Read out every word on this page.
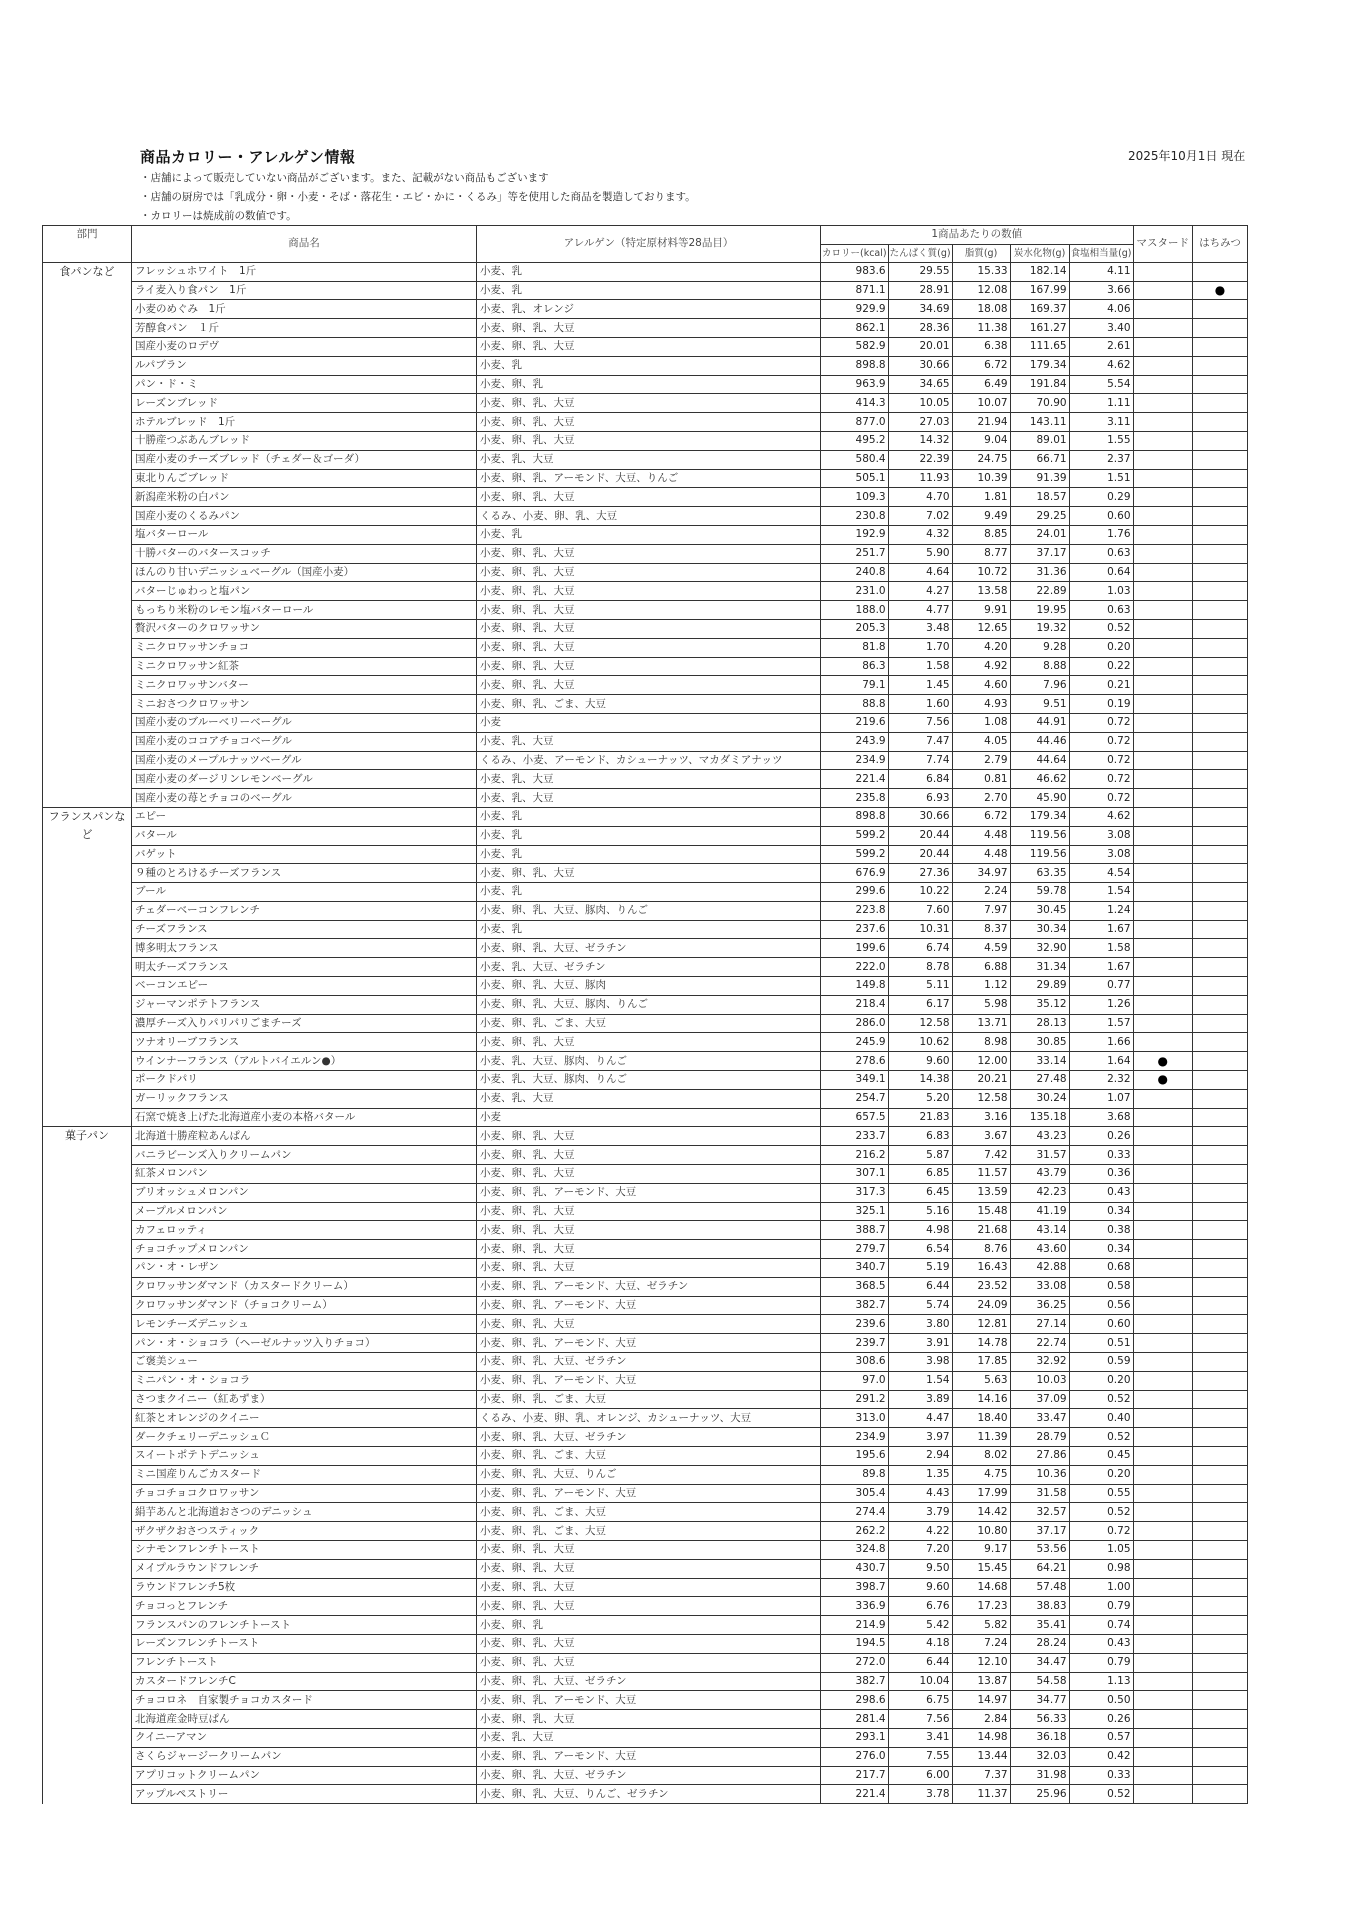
商品カロリー・アレルゲン情報	2025年10月1日 現在
・店舗によって販売していない商品がございます。また、記載がない商品もございます
・店舗の厨房では「乳成分・卵・小麦・そば・落花生・エビ・かに・くるみ」等を使用した商品を製造しております。
・カロリーは焼成前の数値です。
部門	商品名	アレルゲン（特定原材料等28品目）	1商品あたりの数値					マスタード	はちみつ
			カロリー(kcal)	たんぱく質(g)	脂質(g)	炭水化物(g)	食塩相当量(g)		
食パンなど	フレッシュホワイト　1斤	小麦、乳	983.6	29.55	15.33	182.14	4.11		
	ライ麦入り食パン　1斤	小麦、乳	871.1	28.91	12.08	167.99	3.66		●
	小麦のめぐみ　1斤	小麦、乳、オレンジ	929.9	34.69	18.08	169.37	4.06		
	芳醇食パン　１斤	小麦、卵、乳、大豆	862.1	28.36	11.38	161.27	3.40		
	国産小麦のロデヴ	小麦、卵、乳、大豆	582.9	20.01	6.38	111.65	2.61		
	ルパブラン	小麦、乳	898.8	30.66	6.72	179.34	4.62		
	パン・ド・ミ	小麦、卵、乳	963.9	34.65	6.49	191.84	5.54		
	レーズンブレッド	小麦、卵、乳、大豆	414.3	10.05	10.07	70.90	1.11		
	ホテルブレッド　1斤	小麦、卵、乳、大豆	877.0	27.03	21.94	143.11	3.11		
	十勝産つぶあんブレッド	小麦、卵、乳、大豆	495.2	14.32	9.04	89.01	1.55		
	国産小麦のチーズブレッド（チェダー＆ゴーダ）	小麦、乳、大豆	580.4	22.39	24.75	66.71	2.37		
	東北りんごブレッド	小麦、卵、乳、アーモンド、大豆、りんご	505.1	11.93	10.39	91.39	1.51		
	新潟産米粉の白パン	小麦、卵、乳、大豆	109.3	4.70	1.81	18.57	0.29		
	国産小麦のくるみパン	くるみ、小麦、卵、乳、大豆	230.8	7.02	9.49	29.25	0.60		
	塩バターロール	小麦、乳	192.9	4.32	8.85	24.01	1.76		
	十勝バターのバタースコッチ	小麦、卵、乳、大豆	251.7	5.90	8.77	37.17	0.63		
	ほんのり甘いデニッシュベーグル（国産小麦）	小麦、卵、乳、大豆	240.8	4.64	10.72	31.36	0.64		
	バターじゅわっと塩パン	小麦、卵、乳、大豆	231.0	4.27	13.58	22.89	1.03		
	もっちり米粉のレモン塩バターロール	小麦、卵、乳、大豆	188.0	4.77	9.91	19.95	0.63		
	贅沢バターのクロワッサン	小麦、卵、乳、大豆	205.3	3.48	12.65	19.32	0.52		
	ミニクロワッサンチョコ	小麦、卵、乳、大豆	81.8	1.70	4.20	9.28	0.20		
	ミニクロワッサン紅茶	小麦、卵、乳、大豆	86.3	1.58	4.92	8.88	0.22		
	ミニクロワッサンバター	小麦、卵、乳、大豆	79.1	1.45	4.60	7.96	0.21		
	ミニおさつクロワッサン	小麦、卵、乳、ごま、大豆	88.8	1.60	4.93	9.51	0.19		
	国産小麦のブルーベリーベーグル	小麦	219.6	7.56	1.08	44.91	0.72		
	国産小麦のココアチョコベーグル	小麦、乳、大豆	243.9	7.47	4.05	44.46	0.72		
	国産小麦のメープルナッツベーグル	くるみ、小麦、アーモンド、カシューナッツ、マカダミアナッツ	234.9	7.74	2.79	44.64	0.72		
	国産小麦のダージリンレモンベーグル	小麦、乳、大豆	221.4	6.84	0.81	46.62	0.72		
	国産小麦の苺とチョコのベーグル	小麦、乳、大豆	235.8	6.93	2.70	45.90	0.72		
フランスパンなど	エピー	小麦、乳	898.8	30.66	6.72	179.34	4.62		
	バタール	小麦、乳	599.2	20.44	4.48	119.56	3.08		
	バゲット	小麦、乳	599.2	20.44	4.48	119.56	3.08		
	９種のとろけるチーズフランス	小麦、卵、乳、大豆	676.9	27.36	34.97	63.35	4.54		
	ブール	小麦、乳	299.6	10.22	2.24	59.78	1.54		
	チェダーベーコンフレンチ	小麦、卵、乳、大豆、豚肉、りんご	223.8	7.60	7.97	30.45	1.24		
	チーズフランス	小麦、乳	237.6	10.31	8.37	30.34	1.67		
	博多明太フランス	小麦、卵、乳、大豆、ゼラチン	199.6	6.74	4.59	32.90	1.58		
	明太チーズフランス	小麦、乳、大豆、ゼラチン	222.0	8.78	6.88	31.34	1.67		
	ベーコンエピー	小麦、卵、乳、大豆、豚肉	149.8	5.11	1.12	29.89	0.77		
	ジャーマンポテトフランス	小麦、卵、乳、大豆、豚肉、りんご	218.4	6.17	5.98	35.12	1.26		
	濃厚チーズ入りパリパリごまチーズ	小麦、卵、乳、ごま、大豆	286.0	12.58	13.71	28.13	1.57		
	ツナオリーブフランス	小麦、卵、乳、大豆	245.9	10.62	8.98	30.85	1.66		
	ウインナーフランス（アルトバイエルン●）	小麦、乳、大豆、豚肉、りんご	278.6	9.60	12.00	33.14	1.64	●	
	ポークドパリ	小麦、乳、大豆、豚肉、りんご	349.1	14.38	20.21	27.48	2.32	●	
	ガーリックフランス	小麦、乳、大豆	254.7	5.20	12.58	30.24	1.07		
	石窯で焼き上げた北海道産小麦の本格バタール	小麦	657.5	21.83	3.16	135.18	3.68		
菓子パン	北海道十勝産粒あんぱん	小麦、卵、乳、大豆	233.7	6.83	3.67	43.23	0.26		
	バニラビーンズ入りクリームパン	小麦、卵、乳、大豆	216.2	5.87	7.42	31.57	0.33		
	紅茶メロンパン	小麦、卵、乳、大豆	307.1	6.85	11.57	43.79	0.36		
	ブリオッシュメロンパン	小麦、卵、乳、アーモンド、大豆	317.3	6.45	13.59	42.23	0.43		
	メープルメロンパン	小麦、卵、乳、大豆	325.1	5.16	15.48	41.19	0.34		
	カフェロッティ	小麦、卵、乳、大豆	388.7	4.98	21.68	43.14	0.38		
	チョコチップメロンパン	小麦、卵、乳、大豆	279.7	6.54	8.76	43.60	0.34		
	パン・オ・レザン	小麦、卵、乳、大豆	340.7	5.19	16.43	42.88	0.68		
	クロワッサンダマンド（カスタードクリーム）	小麦、卵、乳、アーモンド、大豆、ゼラチン	368.5	6.44	23.52	33.08	0.58		
	クロワッサンダマンド（チョコクリーム）	小麦、卵、乳、アーモンド、大豆	382.7	5.74	24.09	36.25	0.56		
	レモンチーズデニッシュ	小麦、卵、乳、大豆	239.6	3.80	12.81	27.14	0.60		
	パン・オ・ショコラ（ヘーゼルナッツ入りチョコ）	小麦、卵、乳、アーモンド、大豆	239.7	3.91	14.78	22.74	0.51		
	ご褒美シュー	小麦、卵、乳、大豆、ゼラチン	308.6	3.98	17.85	32.92	0.59		
	ミニパン・オ・ショコラ	小麦、卵、乳、アーモンド、大豆	97.0	1.54	5.63	10.03	0.20		
	さつまクイニー（紅あずま）	小麦、卵、乳、ごま、大豆	291.2	3.89	14.16	37.09	0.52		
	紅茶とオレンジのクイニー	くるみ、小麦、卵、乳、オレンジ、カシューナッツ、大豆	313.0	4.47	18.40	33.47	0.40		
	ダークチェリーデニッシュＣ	小麦、卵、乳、大豆、ゼラチン	234.9	3.97	11.39	28.79	0.52		
	スイートポテトデニッシュ	小麦、卵、乳、ごま、大豆	195.6	2.94	8.02	27.86	0.45		
	ミニ国産りんごカスタード	小麦、卵、乳、大豆、りんご	89.8	1.35	4.75	10.36	0.20		
	チョコチョコクロワッサン	小麦、卵、乳、アーモンド、大豆	305.4	4.43	17.99	31.58	0.55		
	絹芋あんと北海道おさつのデニッシュ	小麦、卵、乳、ごま、大豆	274.4	3.79	14.42	32.57	0.52		
	ザクザクおさつスティック	小麦、卵、乳、ごま、大豆	262.2	4.22	10.80	37.17	0.72		
	シナモンフレンチトースト	小麦、卵、乳、大豆	324.8	7.20	9.17	53.56	1.05		
	メイプルラウンドフレンチ	小麦、卵、乳、大豆	430.7	9.50	15.45	64.21	0.98		
	ラウンドフレンチ5枚	小麦、卵、乳、大豆	398.7	9.60	14.68	57.48	1.00		
	チョコっとフレンチ	小麦、卵、乳、大豆	336.9	6.76	17.23	38.83	0.79		
	フランスパンのフレンチトースト	小麦、卵、乳	214.9	5.42	5.82	35.41	0.74		
	レーズンフレンチトースト	小麦、卵、乳、大豆	194.5	4.18	7.24	28.24	0.43		
	フレンチトースト	小麦、卵、乳、大豆	272.0	6.44	12.10	34.47	0.79		
	カスタードフレンチC	小麦、卵、乳、大豆、ゼラチン	382.7	10.04	13.87	54.58	1.13		
	チョコロネ　自家製チョコカスタード	小麦、卵、乳、アーモンド、大豆	298.6	6.75	14.97	34.77	0.50		
	北海道産金時豆ぱん	小麦、卵、乳、大豆	281.4	7.56	2.84	56.33	0.26		
	クイニーアマン	小麦、乳、大豆	293.1	3.41	14.98	36.18	0.57		
	さくらジャージークリームパン	小麦、卵、乳、アーモンド、大豆	276.0	7.55	13.44	32.03	0.42		
	アプリコットクリームパン	小麦、卵、乳、大豆、ゼラチン	217.7	6.00	7.37	31.98	0.33		
	アップルペストリー	小麦、卵、乳、大豆、りんご、ゼラチン	221.4	3.78	11.37	25.96	0.52		
